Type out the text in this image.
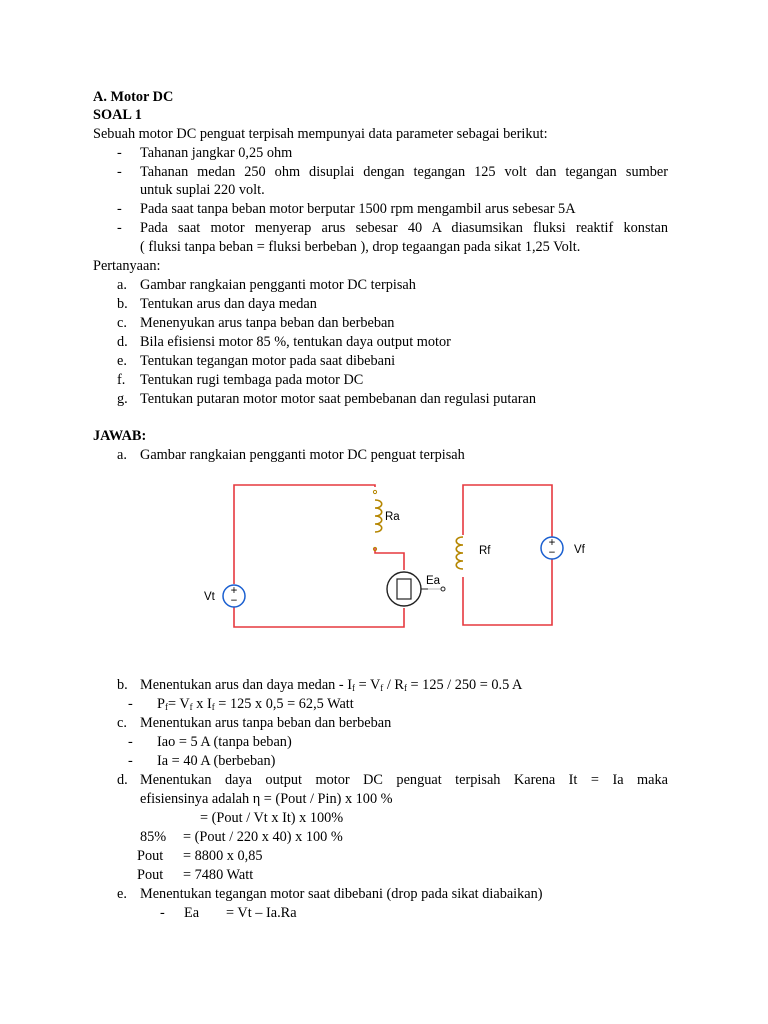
A. Motor DC
SOAL 1
Sebuah motor DC penguat terpisah mempunyai data parameter sebagai berikut:
- Tahanan jangkar 0,25 ohm
- Tahanan medan 250 ohm disuplai dengan tegangan 125 volt dan tegangan sumber
untuk suplai 220 volt.
- Pada saat tanpa beban motor berputar 1500 rpm mengambil arus sebesar 5A
- Pada saat motor menyerap arus sebesar 40 A diasumsikan fluksi reaktif konstan
( fluksi tanpa beban = fluksi berbeban ), drop tegaangan pada sikat 1,25 Volt.
Pertanyaan:
a. Gambar rangkaian pengganti motor DC terpisah
b. Tentukan arus dan daya medan
c. Menenyukan arus tanpa beban dan berbeban
d. Bila efisiensi motor 85 %, tentukan daya output motor
e. Tentukan tegangan motor pada saat dibebani
f. Tentukan rugi tembaga pada motor DC
g. Tentukan putaran motor motor saat pembebanan dan regulasi putaran
JAWAB:
a. Gambar rangkaian pengganti motor DC penguat terpisah
Ra
Ea
+
−
Vt
Rf
+
− Vf
b. Menentukan arus dan daya medan - $I_f = V_f / R_f = 125 / 250 = 0.5$ A
- $P_f= V_f$ x $I_f = 125$ x 0,5 = 62,5 Watt
c. Menentukan arus tanpa beban dan berbeban
- Iao = 5 A (tanpa beban)
- Ia = 40 A (berbeban)
d. Menentukan daya output motor DC penguat terpisah Karena It = Ia maka
efisiensinya adalah η = (Pout / Pin) x 100 %
= (Pout / Vt x It) x 100%
85% = (Pout / 220 x 40) x 100 %
Pout = 8800 x 0,85
Pout = 7480 Watt
e. Menentukan tegangan motor saat dibebani (drop pada sikat diabaikan)
- Ea = Vt – Ia.Ra
